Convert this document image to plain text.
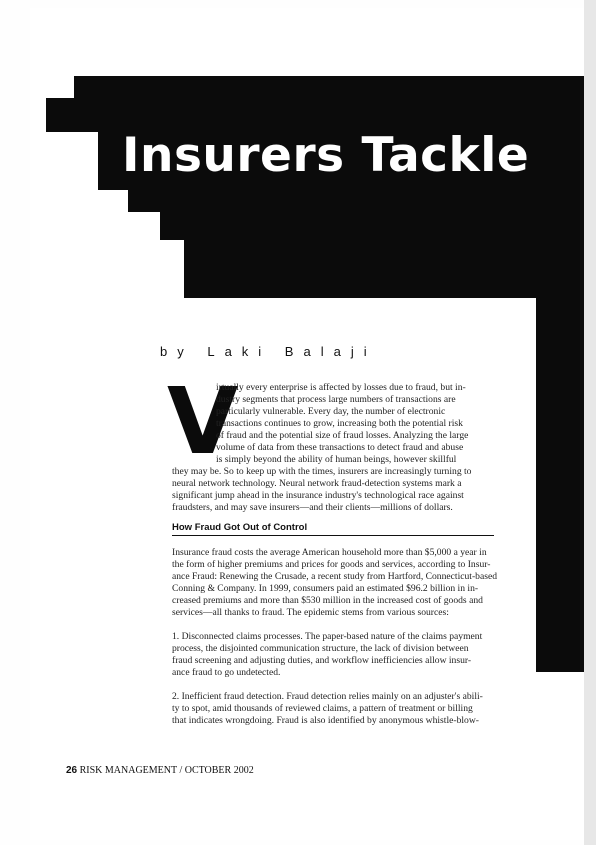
Insurers Tackle
by Laki Balaji
V
irtually every enterprise is affected by losses due to fraud, but in-
dustry segments that process large numbers of transactions are
particularly vulnerable. Every day, the number of electronic
transactions continues to grow, increasing both the potential risk
of fraud and the potential size of fraud losses. Analyzing the large
volume of data from these transactions to detect fraud and abuse
is simply beyond the ability of human beings, however skillful
they may be. So to keep up with the times, insurers are increasingly turning to
neural network technology. Neural network fraud-detection systems mark a
significant jump ahead in the insurance industry's technological race against
fraudsters, and may save insurers—and their clients—millions of dollars.
How Fraud Got Out of Control
Insurance fraud costs the average American household more than $5,000 a year in
the form of higher premiums and prices for goods and services, according to Insur-
ance Fraud: Renewing the Crusade, a recent study from Hartford, Connecticut-based
Conning & Company. In 1999, consumers paid an estimated $96.2 billion in in-
creased premiums and more than $530 million in the increased cost of goods and
services—all thanks to fraud. The epidemic stems from various sources:
1. Disconnected claims processes. The paper-based nature of the claims payment
process, the disjointed communication structure, the lack of division between
fraud screening and adjusting duties, and workflow inefficiencies allow insur-
ance fraud to go undetected.
2. Inefficient fraud detection. Fraud detection relies mainly on an adjuster's abili-
ty to spot, amid thousands of reviewed claims, a pattern of treatment or billing
that indicates wrongdoing. Fraud is also identified by anonymous whistle-blow-
26 RISK MANAGEMENT / OCTOBER 2002
